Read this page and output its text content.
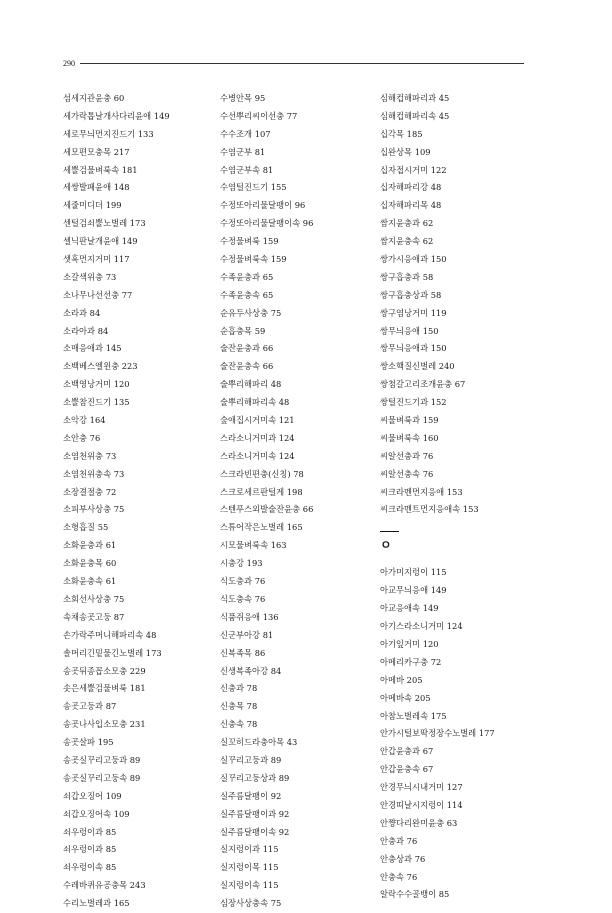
290
섬세지관윤충 60
세가락톱날개사다리윤애 149
세로무늬먼지진드기 133
세모편모충목 217
세뿔검물벼룩속 181
세쌍발패윤애 148
세줄미디더 199
센털검쇠뿔노벌레 173
셀닉판날개윤애 149
셋혹먼지거미 117
소갈색위충 73
소나무나선선충 77
소라과 84
소라아과 84
소매응애과 145
소백베스엘윈충 223
소백영낭거미 120
소뿔참진드기 135
소악강 164
소안충 76
소염천위충 73
소염천위충속 73
소장결절충 72
소피부사상충 75
소형흡질 55
소화윤충과 61
소화윤충목 60
소화윤충속 61
소회선사상충 75
속채송곳고둥 87
손가락주머니해파리속 48
솔머리긴밑물긴노벌레 173
송곳뒤종꼽소모충 229
솟은세뿔검물벼룩 181
송곳고둥과 87
송곳나사입소모충 231
송곳살파 195
송곳실꾸리고둥과 89
송곳실꾸리고둥속 89
쇠갑오징어 109
쇠갑오징어속 109
쇠우렁이과 85
쇠우렁이과 85
쇠우렁이속 85
수레바퀴유공충목 243
수리노벌레과 165
수병안목 95
수선뿌리씨이선충 77
수수조개 107
수염군부 81
수염군부속 81
수염털진드기 155
수정또아리물달팽이 96
수정또아리물달팽이속 96
수정물벼룩 159
수정물벼룩속 159
수족윤충과 65
수족윤충속 65
순유두사상충 75
순흡충목 59
술잔윤충과 66
술잔윤충속 66
술뿌리해파리 48
술뿌리해파리속 48
숲애집시거미속 121
스라소니거미과 124
스라소니거미속 124
스크라빈편충(신칭) 78
스크로세르판털게 198
스텐푸스외발술잔윤충 66
스튜어작은노벌레 165
시모물벼룩속 163
시충강 193
식도충과 76
식도충속 76
식품쥐응애 136
신군부아강 81
신복족목 86
신생복족아강 84
신충과 78
신충목 78
신충속 78
실꼬히드라충아목 43
실꾸리고둥과 89
실꾸리고둥상과 89
실주름달팽이 92
실주름달팽이과 92
실주름달팽이속 92
실지렁이과 115
실지렁이목 115
실지렁이속 115
심장사상충속 75
심해컵해파리과 45
심해컵해파리속 45
십각목 185
십완상목 109
십자접시거미 122
십자해파리강 48
십자해파리목 48
쌈지윤충과 62
쌈지윤충속 62
쌍가시응애과 150
쌍구흡충과 58
쌍구흡충상과 58
쌍구염낭거미 119
쌍무늬응애 150
쌍무늬응애과 150
쌍소핵질신벌레 240
쌍첨갈고리조개윤충 67
쌍털진드기과 152
씨물벼룩과 159
씨물벼룩속 160
씨알선충과 76
씨알선충속 76
씨크라멘먼지응애 153
씨크라멘트먼지응애속 153
ㅇ
아가미지렁이 115
아교무늬응애 149
아교응애속 149
아기스라소니거미 124
아기잎거미 120
아메리카구충 72
아메바 205
아메바속 205
아참노벌레속 175
안가시털보딱정장수노벌레 177
안갑윤충과 67
안갑윤충속 67
안경무늬시내거미 127
안경띠날시지렁이 114
안쨩다리완미윤충 63
안충과 76
안충상과 76
안충속 76
알락수수골뱅이 85
